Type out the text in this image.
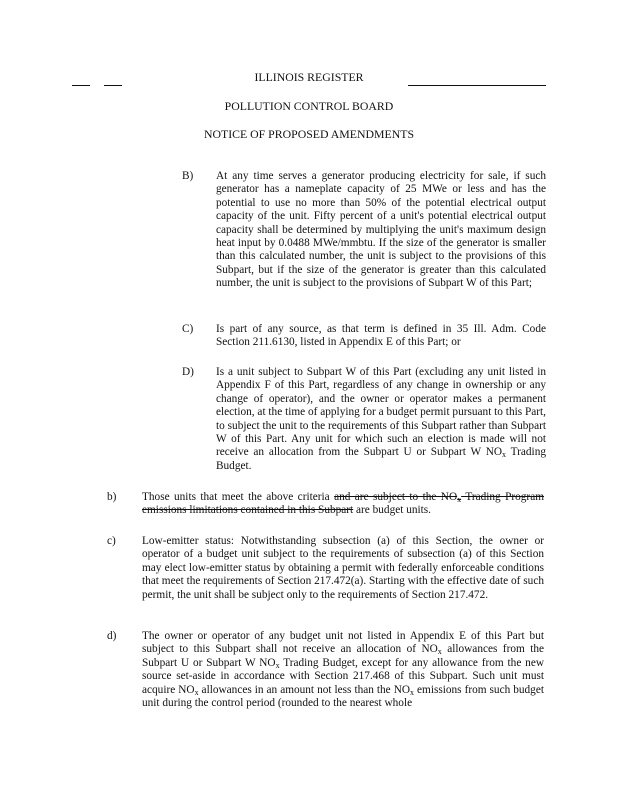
ILLINOIS REGISTER
POLLUTION CONTROL BOARD
NOTICE OF PROPOSED AMENDMENTS
B) At any time serves a generator producing electricity for sale, if such generator has a nameplate capacity of 25 MWe or less and has the potential to use no more than 50% of the potential electrical output capacity of the unit. Fifty percent of a unit's potential electrical output capacity shall be determined by multiplying the unit's maximum design heat input by 0.0488 MWe/mmbtu. If the size of the generator is smaller than this calculated number, the unit is subject to the provisions of this Subpart, but if the size of the generator is greater than this calculated number, the unit is subject to the provisions of Subpart W of this Part;
C) Is part of any source, as that term is defined in 35 Ill. Adm. Code Section 211.6130, listed in Appendix E of this Part; or
D) Is a unit subject to Subpart W of this Part (excluding any unit listed in Appendix F of this Part, regardless of any change in ownership or any change of operator), and the owner or operator makes a permanent election, at the time of applying for a budget permit pursuant to this Part, to subject the unit to the requirements of this Subpart rather than Subpart W of this Part. Any unit for which such an election is made will not receive an allocation from the Subpart U or Subpart W $NO_x$ Trading Budget.
b) Those units that meet the above criteria and are subject to the $NO_x$ Trading Program emissions limitations contained in this Subpart are budget units.
c) Low-emitter status: Notwithstanding subsection (a) of this Section, the owner or operator of a budget unit subject to the requirements of subsection (a) of this Section may elect low-emitter status by obtaining a permit with federally enforceable conditions that meet the requirements of Section 217.472(a). Starting with the effective date of such permit, the unit shall be subject only to the requirements of Section 217.472.
d) The owner or operator of any budget unit not listed in Appendix E of this Part but subject to this Subpart shall not receive an allocation of $NO_x$ allowances from the Subpart U or Subpart W $NO_x$ Trading Budget, except for any allowance from the new source set-aside in accordance with Section 217.468 of this Subpart. Such unit must acquire $NO_x$ allowances in an amount not less than the $NO_x$ emissions from such budget unit during the control period (rounded to the nearest whole
